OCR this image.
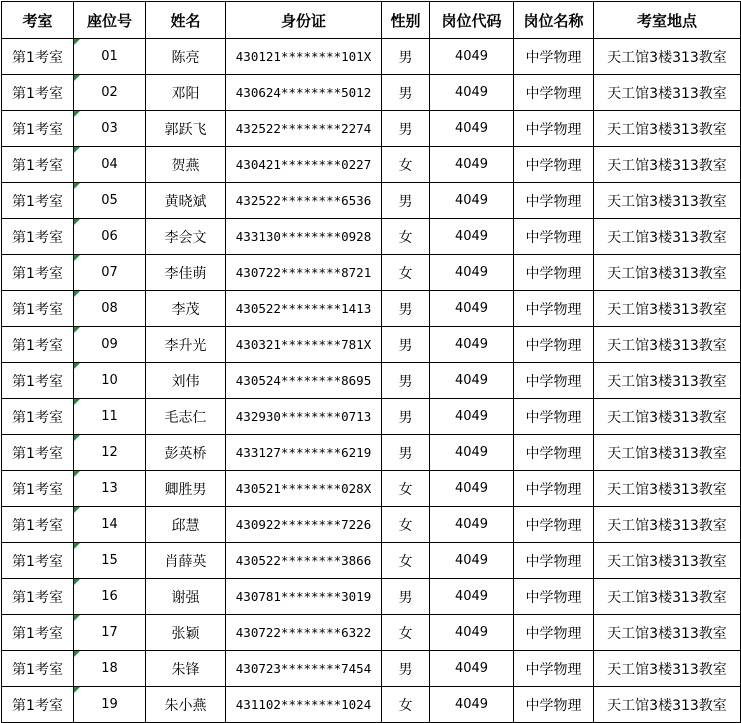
考室	座位号	姓名	身份证	性别	岗位代码	岗位名称	考室地点
第1考室	01	陈亮	430121********101X	男	4049	中学物理	天工馆3楼313教室
第1考室	02	邓阳	430624********5012	男	4049	中学物理	天工馆3楼313教室
第1考室	03	郭跃飞	432522********2274	男	4049	中学物理	天工馆3楼313教室
第1考室	04	贺燕	430421********0227	女	4049	中学物理	天工馆3楼313教室
第1考室	05	黄晓斌	432522********6536	男	4049	中学物理	天工馆3楼313教室
第1考室	06	李会文	433130********0928	女	4049	中学物理	天工馆3楼313教室
第1考室	07	李佳萌	430722********8721	女	4049	中学物理	天工馆3楼313教室
第1考室	08	李茂	430522********1413	男	4049	中学物理	天工馆3楼313教室
第1考室	09	李升光	430321********781X	男	4049	中学物理	天工馆3楼313教室
第1考室	10	刘伟	430524********8695	男	4049	中学物理	天工馆3楼313教室
第1考室	11	毛志仁	432930********0713	男	4049	中学物理	天工馆3楼313教室
第1考室	12	彭英桥	433127********6219	男	4049	中学物理	天工馆3楼313教室
第1考室	13	卿胜男	430521********028X	女	4049	中学物理	天工馆3楼313教室
第1考室	14	邱慧	430922********7226	女	4049	中学物理	天工馆3楼313教室
第1考室	15	肖薛英	430522********3866	女	4049	中学物理	天工馆3楼313教室
第1考室	16	谢强	430781********3019	男	4049	中学物理	天工馆3楼313教室
第1考室	17	张颖	430722********6322	女	4049	中学物理	天工馆3楼313教室
第1考室	18	朱锋	430723********7454	男	4049	中学物理	天工馆3楼313教室
第1考室	19	朱小燕	431102********1024	女	4049	中学物理	天工馆3楼313教室
